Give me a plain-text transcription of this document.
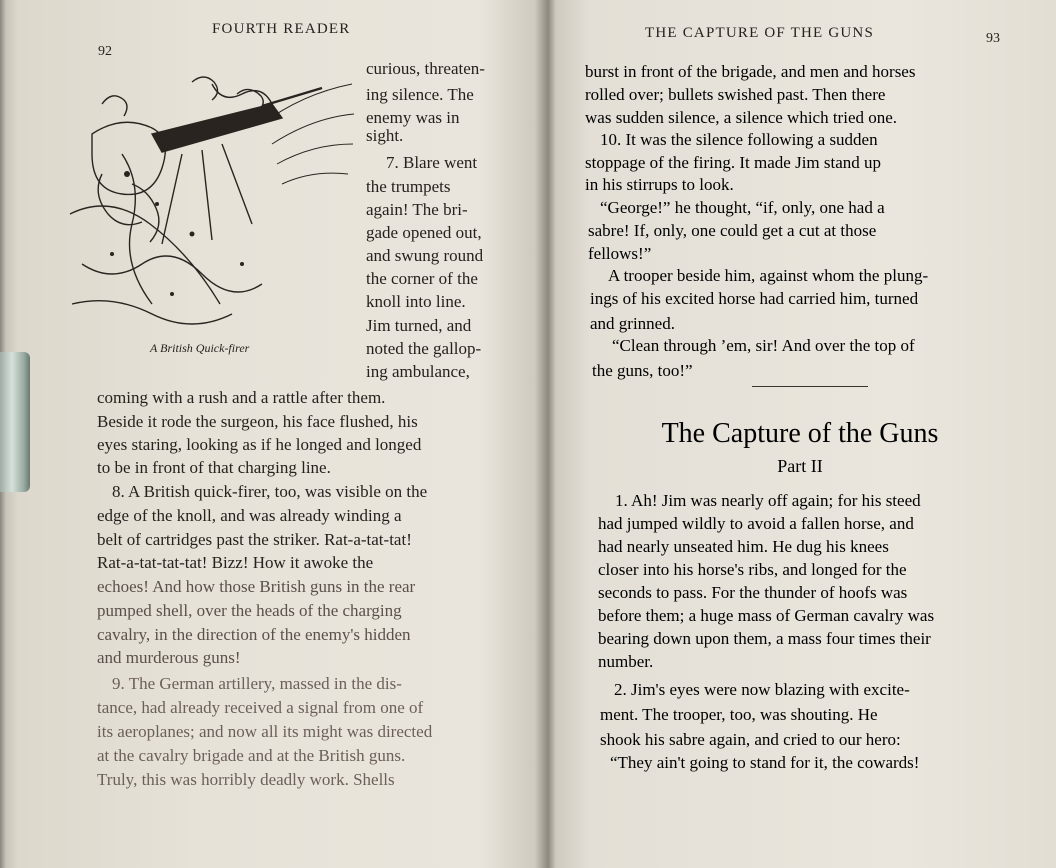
92
FOURTH READER
A British Quick-firer
curious, threaten-
ing silence. The
enemy was in
sight.
7. Blare went
the trumpets
again! The bri-
gade opened out,
and swung round
the corner of the
knoll into line.
Jim turned, and
noted the gallop-
ing ambulance,
coming with a rush and a rattle after them.
Beside it rode the surgeon, his face flushed, his
eyes staring, looking as if he longed and longed
to be in front of that charging line.
8. A British quick-firer, too, was visible on the
edge of the knoll, and was already winding a
belt of cartridges past the striker. Rat-a-tat-tat!
Rat-a-tat-tat-tat! Bizz! How it awoke the
echoes! And how those British guns in the rear
pumped shell, over the heads of the charging
cavalry, in the direction of the enemy's hidden
and murderous guns!
9. The German artillery, massed in the dis-
tance, had already received a signal from one of
its aeroplanes; and now all its might was directed
at the cavalry brigade and at the British guns.
Truly, this was horribly deadly work. Shells
THE CAPTURE OF THE GUNS	93
burst in front of the brigade, and men and horses
rolled over; bullets swished past. Then there
was sudden silence, a silence which tried one.
10. It was the silence following a sudden
stoppage of the firing. It made Jim stand up
in his stirrups to look.
“George!” he thought, “if, only, one had a
sabre! If, only, one could get a cut at those
fellows!”
A trooper beside him, against whom the plung-
ings of his excited horse had carried him, turned
and grinned.
“Clean through ’em, sir! And over the top of
the guns, too!”
The Capture of the Guns
Part II
1. Ah! Jim was nearly off again; for his steed
had jumped wildly to avoid a fallen horse, and
had nearly unseated him. He dug his knees
closer into his horse's ribs, and longed for the
seconds to pass. For the thunder of hoofs was
before them; a huge mass of German cavalry was
bearing down upon them, a mass four times their
number.
2. Jim's eyes were now blazing with excite-
ment. The trooper, too, was shouting. He
shook his sabre again, and cried to our hero:
“They ain't going to stand for it, the cowards!
